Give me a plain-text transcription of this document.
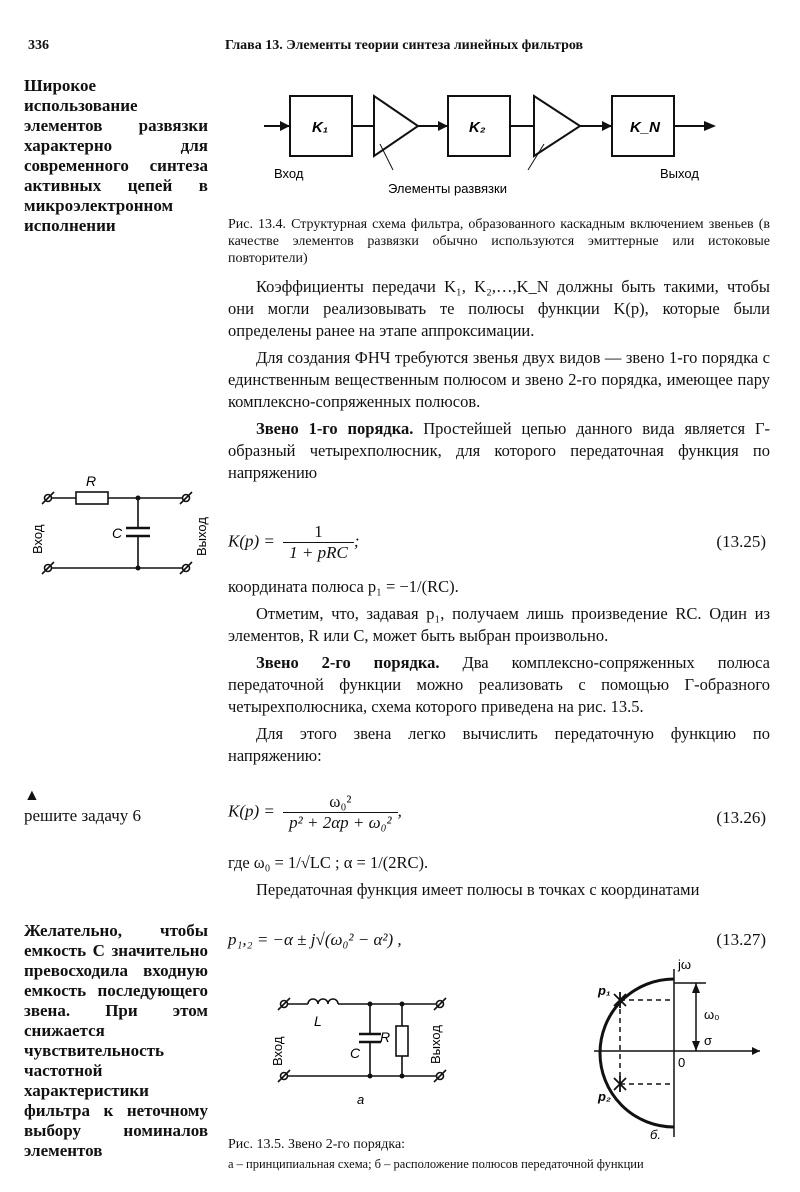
336	Глава 13. Элементы теории синтеза линейных фильтров
Широкое использование элементов развязки характерно для современного синтеза активных цепей в микроэлектронном исполнении
▲
решите задачу 6
Желательно, чтобы емкость C значительно превосходила входную емкость последующего звена. При этом снижается чувствительность частотной характеристики фильтра к неточному выбору номиналов элементов
K₁	K₂	K_N
Вход	Выход
Элементы развязки
Рис. 13.4. Структурная схема фильтра, образованного каскадным включением звеньев (в качестве элементов развязки обычно используются эмиттерные или истоковые повторители)

Коэффициенты передачи K₁, K₂,…,K_N должны быть такими, чтобы они могли реализовывать те полюсы функции K(p), которые были определены ранее на этапе аппроксимации.

Для создания ФНЧ требуются звенья двух видов — звено 1-го порядка с единственным вещественным полюсом и звено 2-го порядка, имеющее пару комплексно-сопряженных полюсов.

Звено 1-го порядка. Простейшей цепью данного вида является Г-образный четырехполюсник, для которого передаточная функция по напряжению

$K(p) = \frac{1}{\text{1 + pRC}}$ ;	(13.25)

координата полюса p₁ = −1/(RC).

Отметим, что, задавая p₁, получаем лишь произведение RC. Один из элементов, R или C, может быть выбран произвольно.

Звено 2-го порядка. Два комплексно-сопряженных полюса передаточной функции можно реализовать с помощью Г-образного четырехполюсника, схема которого приведена на рис. 13.5.

Для этого звена легко вычислить передаточную функцию по напряжению:

$K(p) = \frac{\text{ω₀²}}{\text{p² + 2αp + ω₀²}}$ ,	(13.26)

где ω₀ = 1/√LC ; α = 1/(2RC).

Передаточная функция имеет полюсы в точках с координатами

p₁,₂ = −α ± j√(ω₀² − α²) ,	(13.27)
R
C
Вход	Выход
L
C
R
Вход	Выход
а
jω
ω₀
σ
0
p₁
p₂
б.
Рис. 13.5. Звено 2-го порядка:
а – принципиальная схема; б – расположение полюсов передаточной функции
